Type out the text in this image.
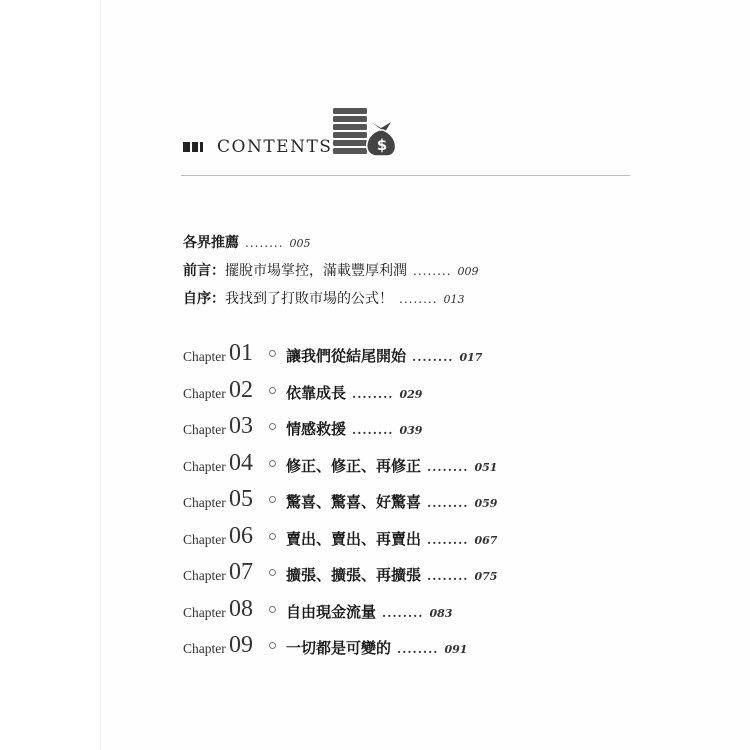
CONTENTS	$
各界推薦 ........ 005
前言： 擺脫市場掌控，滿載豐厚利潤 ........ 009
自序： 我找到了打敗市場的公式！ ........ 013
Chapter 01 讓我們從結尾開始 ........ 017
Chapter 02 依靠成長 ........ 029
Chapter 03 情感救援 ........ 039
Chapter 04 修正、修正、再修正 ........ 051
Chapter 05 驚喜、驚喜、好驚喜 ........ 059
Chapter 06 賣出、賣出、再賣出 ........ 067
Chapter 07 擴張、擴張、再擴張 ........ 075
Chapter 08 自由現金流量 ........ 083
Chapter 09 一切都是可變的 ........ 091
